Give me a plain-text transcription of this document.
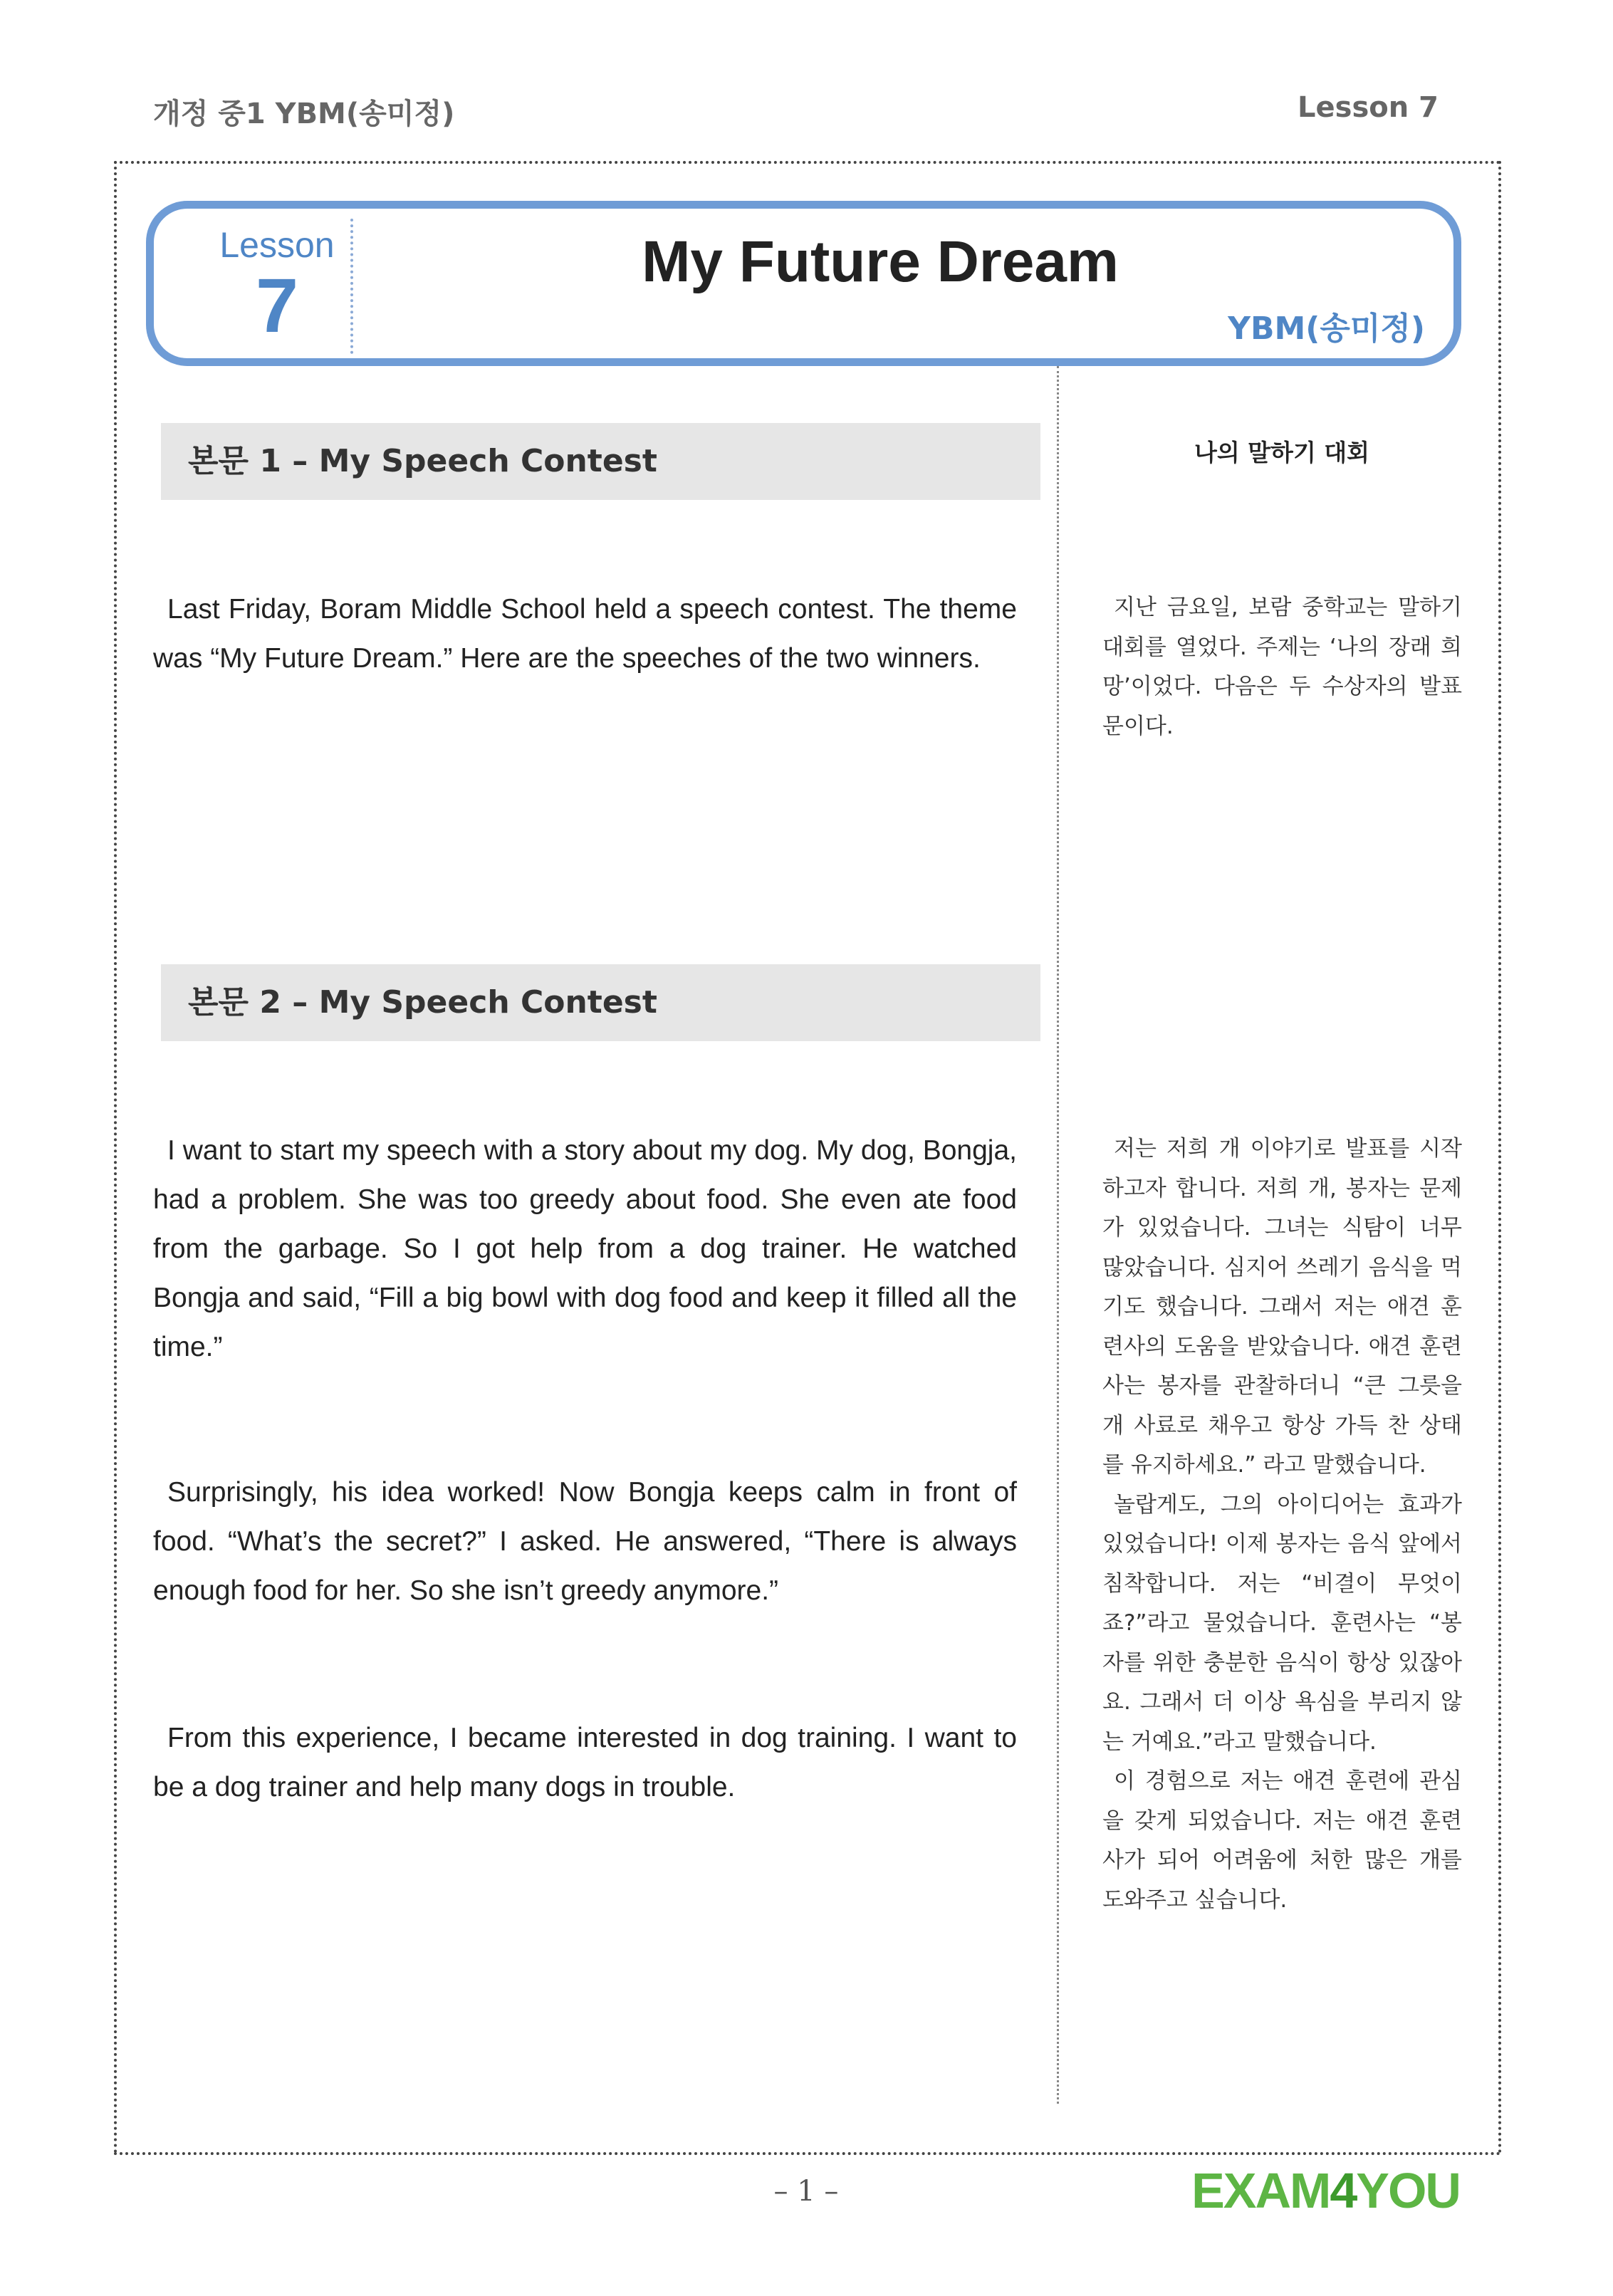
개정 중1 YBM(송미정)	Lesson 7
Lesson
7
My Future Dream
YBM(송미정)
본문 1 – My Speech Contest
Last Friday, Boram Middle School held a speech contest. The theme was “My Future Dream.” Here are the speeches of the two winners.
본문 2 – My Speech Contest
I want to start my speech with a story about my dog. My dog, Bongja, had a problem. She was too greedy about food. She even ate food from the garbage. So I got help from a dog trainer. He watched Bongja and said, “Fill a big bowl with dog food and keep it filled all the time.”
Surprisingly, his idea worked! Now Bongja keeps calm in front of food. “What’s the secret?” I asked. He answered, “There is always enough food for her. So she isn’t greedy anymore.”
From this experience, I became interested in dog training. I want to be a dog trainer and help many dogs in trouble.
나의 말하기 대회
지난 금요일, 보람 중학교는 말하기 대회를 열었다. 주제는 ‘나의 장래 희망’이었다. 다음은 두 수상자의 발표문이다.
저는 저희 개 이야기로 발표를 시작하고자 합니다. 저희 개, 봉자는 문제가 있었습니다. 그녀는 식탐이 너무 많았습니다. 심지어 쓰레기 음식을 먹기도 했습니다. 그래서 저는 애견 훈련사의 도움을 받았습니다. 애견 훈련사는 봉자를 관찰하더니 “큰 그릇을 개 사료로 채우고 항상 가득 찬 상태를 유지하세요.” 라고 말했습니다.
놀랍게도, 그의 아이디어는 효과가 있었습니다! 이제 봉자는 음식 앞에서 침착합니다. 저는 “비결이 무엇이죠?”라고 물었습니다. 훈련사는 “봉자를 위한 충분한 음식이 항상 있잖아요. 그래서 더 이상 욕심을 부리지 않는 거예요.”라고 말했습니다.
이 경험으로 저는 애견 훈련에 관심을 갖게 되었습니다. 저는 애견 훈련사가 되어 어려움에 처한 많은 개를 도와주고 싶습니다.
– 1 –	EXAM4YOU
